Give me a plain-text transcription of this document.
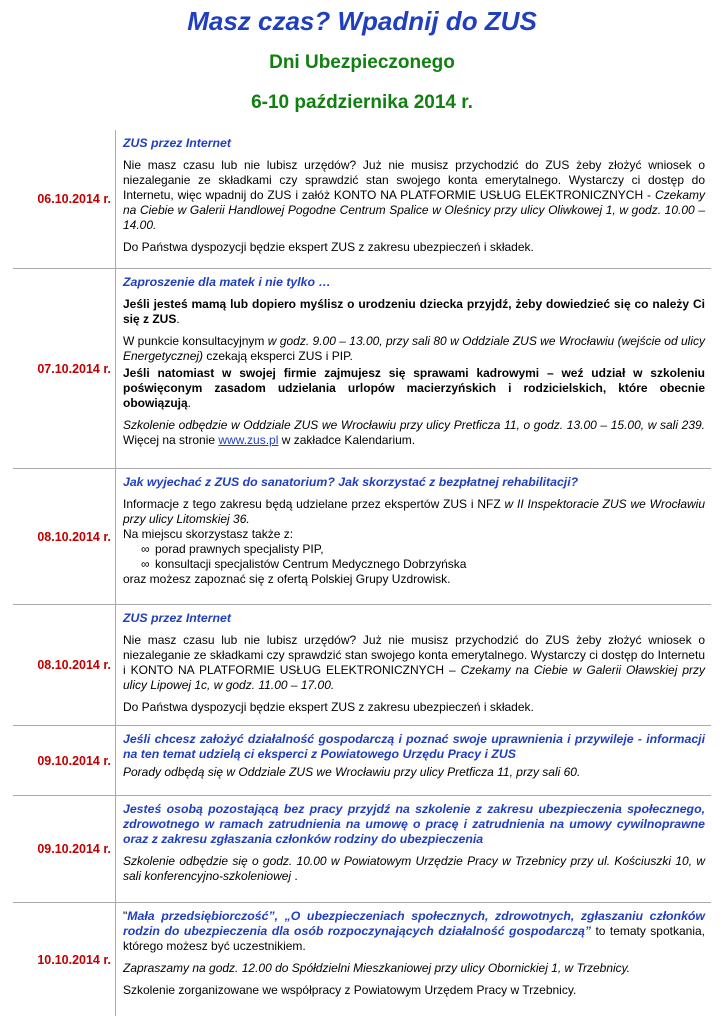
Masz czas? Wpadnij do ZUS
Dni Ubezpieczonego
6-10 października 2014 r.
06.10.2014 r.

ZUS przez Internet

Nie masz czasu lub nie lubisz urzędów? Już nie musisz przychodzić do ZUS żeby złożyć wniosek o niezaleganie ze składkami czy sprawdzić stan swojego konta emerytalnego. Wystarczy ci dostęp do Internetu, więc wpadnij do ZUS i załóż KONTO NA PLATFORMIE USŁUG ELEKTRONICZNYCH - Czekamy na Ciebie w Galerii Handlowej Pogodne Centrum Spalice w Oleśnicy przy ulicy Oliwkowej 1, w godz. 10.00 – 14.00.

Do Państwa dyspozycji będzie ekspert ZUS z zakresu ubezpieczeń i składek.

07.10.2014 r.

Zaproszenie dla matek i nie tylko …

Jeśli jesteś mamą lub dopiero myślisz o urodzeniu dziecka przyjdź, żeby dowiedzieć się co należy Ci się z ZUS.

W punkcie konsultacyjnym w godz. 9.00 – 13.00, przy sali 80 w Oddziale ZUS we Wrocławiu (wejście od ulicy Energetycznej) czekają eksperci ZUS i PIP.

Jeśli natomiast w swojej firmie zajmujesz się sprawami kadrowymi – weź udział w szkoleniu poświęconym zasadom udzielania urlopów macierzyńskich i rodzicielskich, które obecnie obowiązują.

Szkolenie odbędzie w Oddziale ZUS we Wrocławiu przy ulicy Pretficza 11, o godz. 13.00 – 15.00, w sali 239. Więcej na stronie www.zus.pl w zakładce Kalendarium.

08.10.2014 r.

Jak wyjechać z ZUS do sanatorium? Jak skorzystać z bezpłatnej rehabilitacji?

Informacje z tego zakresu będą udzielane przez ekspertów ZUS i NFZ w II Inspektoracie ZUS we Wrocławiu przy ulicy Litomskiej 36.

Na miejscu skorzystasz także z:

∞ porad prawnych specjalisty PIP,

∞ konsultacji specjalistów Centrum Medycznego Dobrzyńska

oraz możesz zapoznać się z ofertą Polskiej Grupy Uzdrowisk.

08.10.2014 r.

ZUS przez Internet

Nie masz czasu lub nie lubisz urzędów? Już nie musisz przychodzić do ZUS żeby złożyć wniosek o niezaleganie ze składkami czy sprawdzić stan swojego konta emerytalnego. Wystarczy ci dostęp do Internetu i KONTO NA PLATFORMIE USŁUG ELEKTRONICZNYCH – Czekamy na Ciebie w Galerii Oławskiej przy ulicy Lipowej 1c, w godz. 11.00 – 17.00.

Do Państwa dyspozycji będzie ekspert ZUS z zakresu ubezpieczeń i składek.

09.10.2014 r.

Jeśli chcesz założyć działalność gospodarczą i poznać swoje uprawnienia i przywileje - informacji na ten temat udzielą ci eksperci z Powiatowego Urzędu Pracy i ZUS

Porady odbędą się w Oddziale ZUS we Wrocławiu przy ulicy Pretficza 11, przy sali 60.

09.10.2014 r.

Jesteś osobą pozostającą bez pracy przyjdź na szkolenie z zakresu ubezpieczenia społecznego, zdrowotnego w ramach zatrudnienia na umowę o pracę i zatrudnienia na umowy cywilnoprawne oraz z zakresu zgłaszania członków rodziny do ubezpieczenia

Szkolenie odbędzie się o godz. 10.00 w Powiatowym Urzędzie Pracy w Trzebnicy przy ul. Kościuszki 10, w sali konferencyjno-szkoleniowej .

10.10.2014 r.

"Mała przedsiębiorczość”, „O ubezpieczeniach społecznych, zdrowotnych, zgłaszaniu członków rodzin do ubezpieczenia dla osób rozpoczynających działalność gospodarczą” to tematy spotkania, którego możesz być uczestnikiem.

Zapraszamy na godz. 12.00 do Spółdzielni Mieszkaniowej przy ulicy Obornickiej 1, w Trzebnicy.

Szkolenie zorganizowane we współpracy z Powiatowym Urzędem Pracy w Trzebnicy.
